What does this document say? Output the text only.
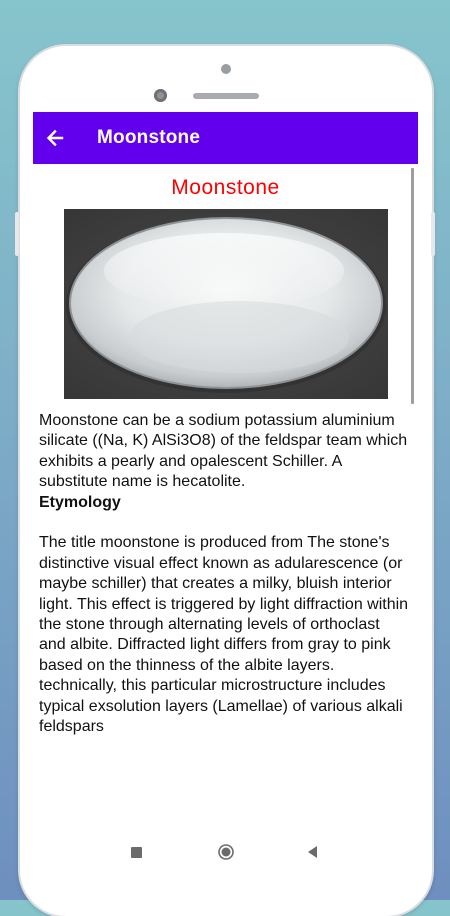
Moonstone
Moonstone

Moonstone can be a sodium potassium aluminium silicate ((Na, K) AlSi3O8) of the feldspar team which exhibits a pearly and opalescent Schiller. A substitute name is hecatolite.

Etymology

The title moonstone is produced from The stone's distinctive visual effect known as adularescence (or maybe schiller) that creates a milky, bluish interior light. This effect is triggered by light diffraction within the stone through alternating levels of orthoclast and albite. Diffracted light differs from gray to pink based on the thinness of the albite layers. technically, this particular microstructure includes typical exsolution layers (Lamellae) of various alkali feldspars
